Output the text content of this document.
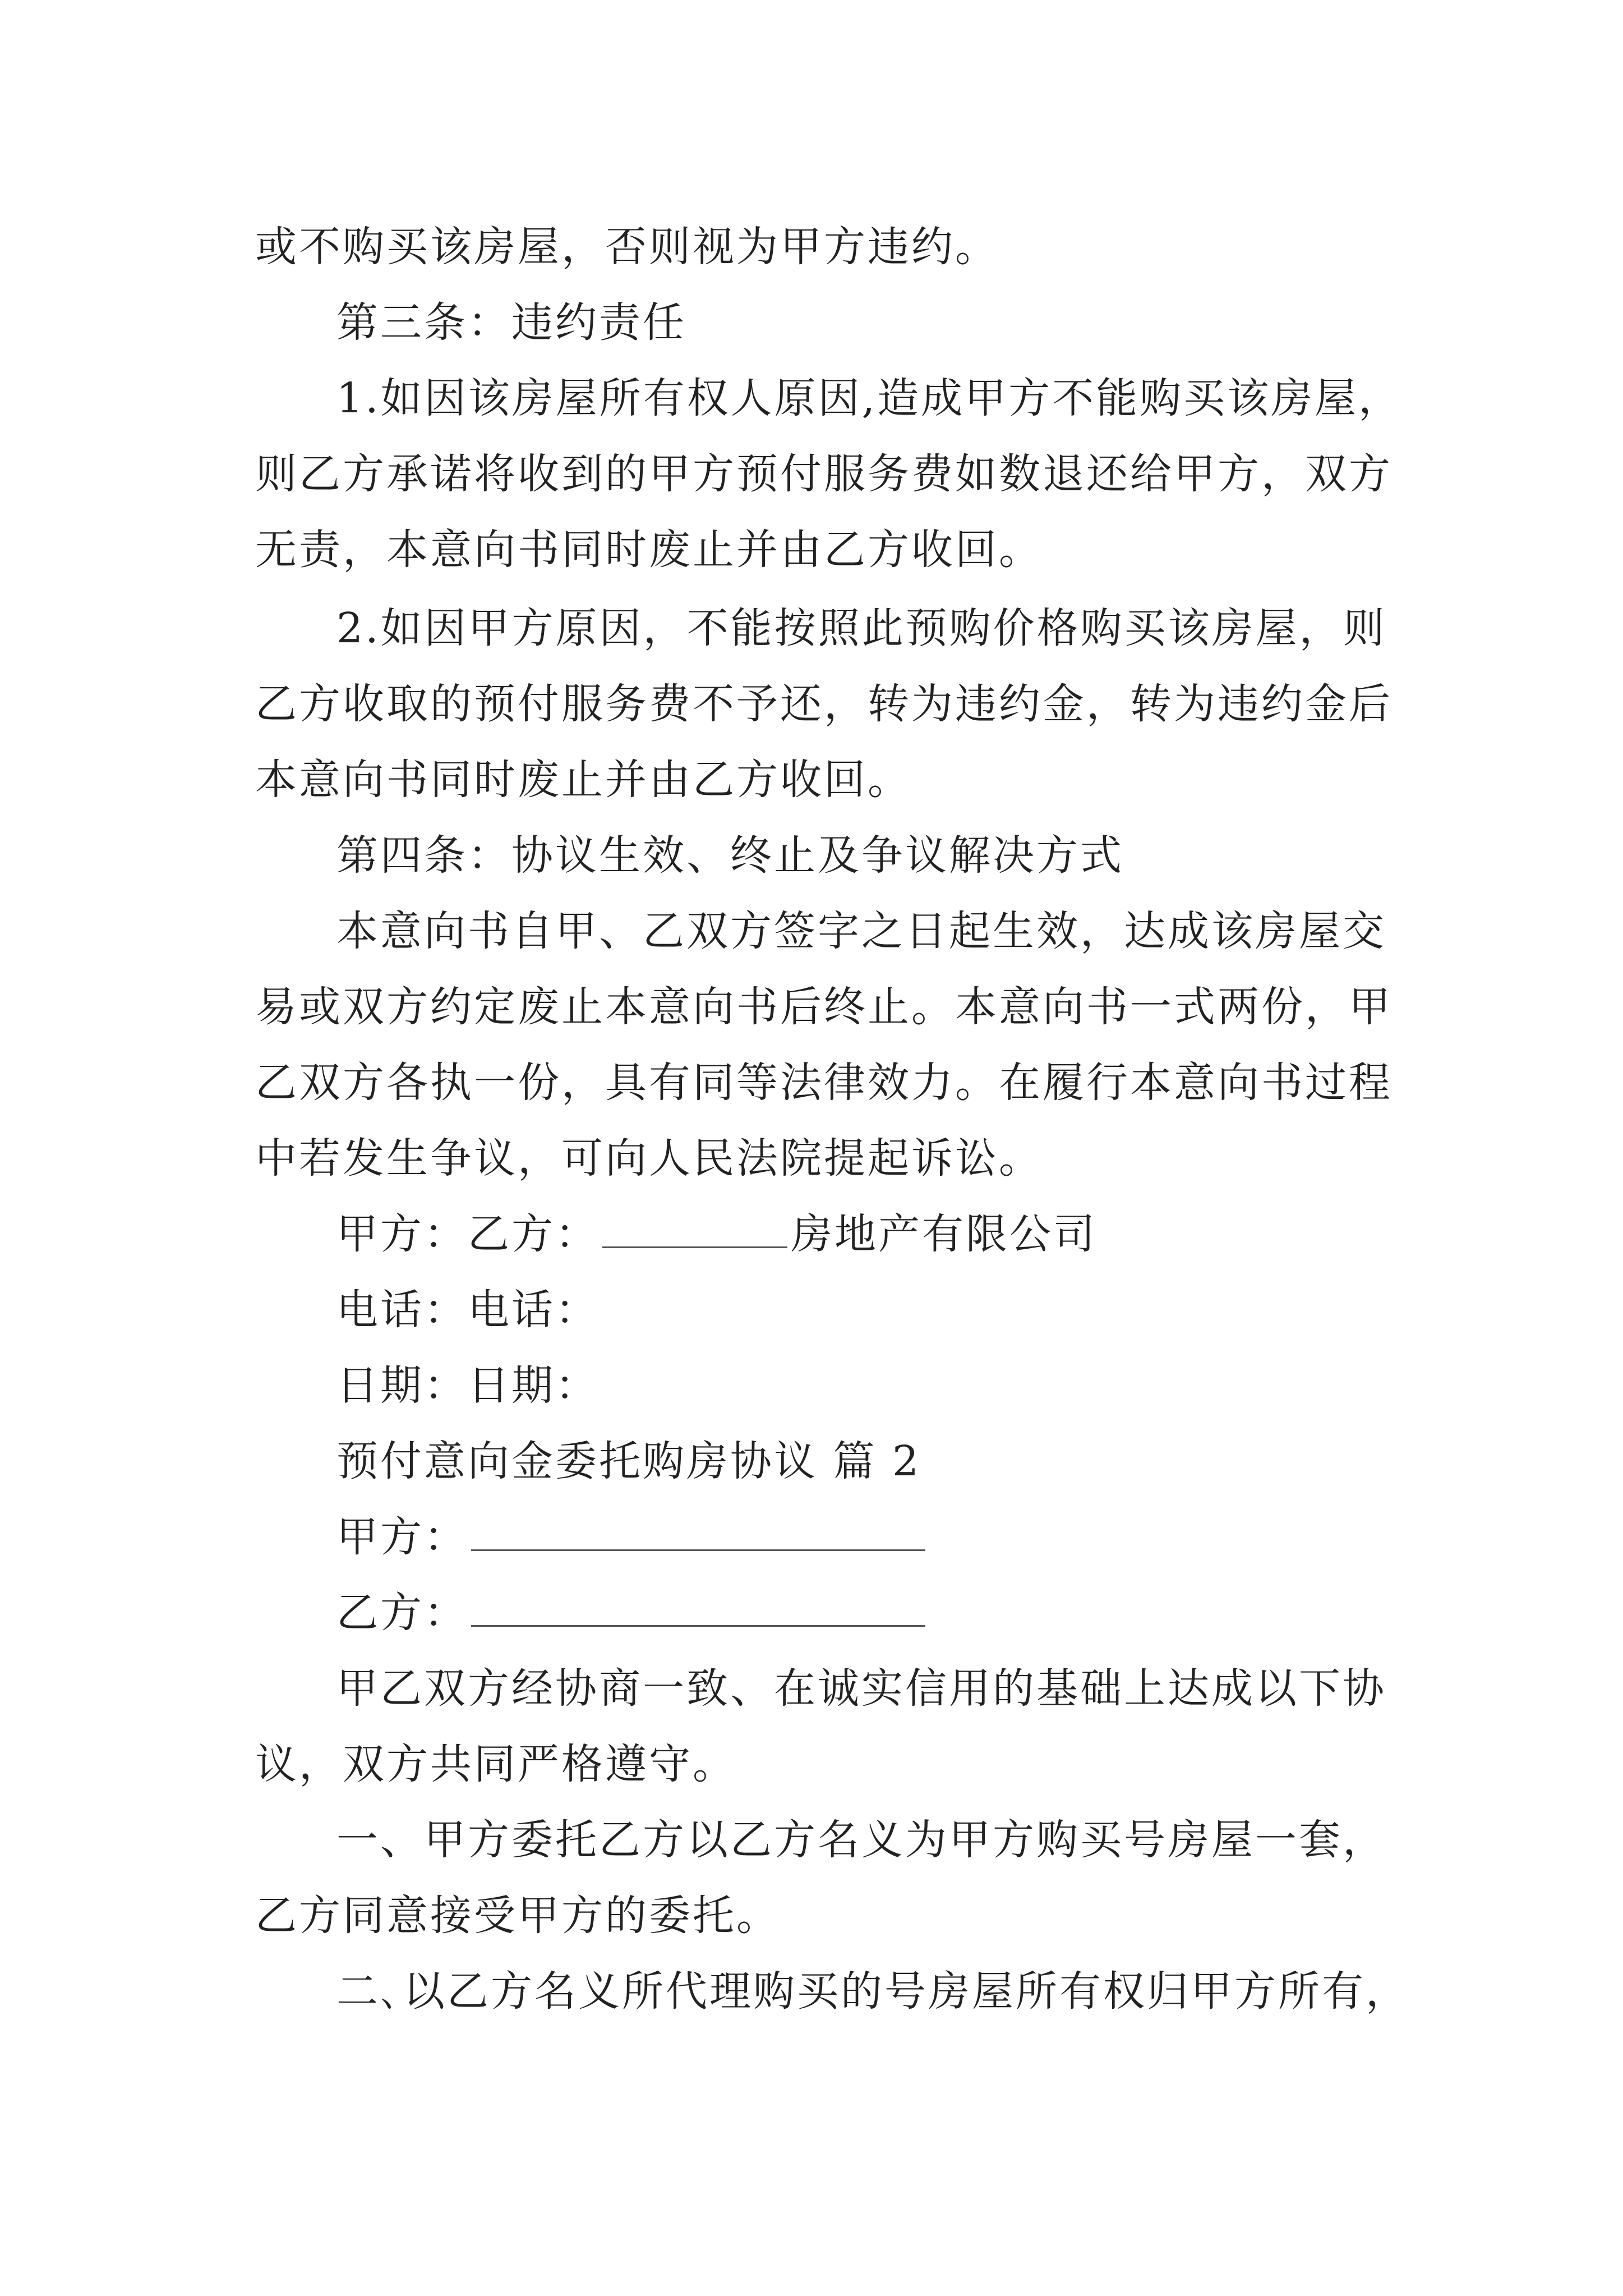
或不购买该房屋，否则视为甲方违约。
第三条：违约责任
1.如因该房屋所有权人原因,造成甲方不能购买该房屋，
则乙方承诺将收到的甲方预付服务费如数退还给甲方，双方
无责，本意向书同时废止并由乙方收回。
2.如因甲方原因，不能按照此预购价格购买该房屋，则
乙方收取的预付服务费不予还，转为违约金，转为违约金后
本意向书同时废止并由乙方收回。
第四条：协议生效、终止及争议解决方式
本意向书自甲、乙双方签字之日起生效，达成该房屋交
易或双方约定废止本意向书后终止。本意向书一式两份，甲
乙双方各执一份，具有同等法律效力。在履行本意向书过程
中若发生争议，可向人民法院提起诉讼。
甲方：乙方：	房地产有限公司
电话：电话：
日期：日期：
预付意向金委托购房协议 篇 2
甲方：
乙方：
甲乙双方经协商一致、在诚实信用的基础上达成以下协
议，双方共同严格遵守。
一、甲方委托乙方以乙方名义为甲方购买号房屋一套，
乙方同意接受甲方的委托。
二､以乙方名义所代理购买的号房屋所有权归甲方所有，
